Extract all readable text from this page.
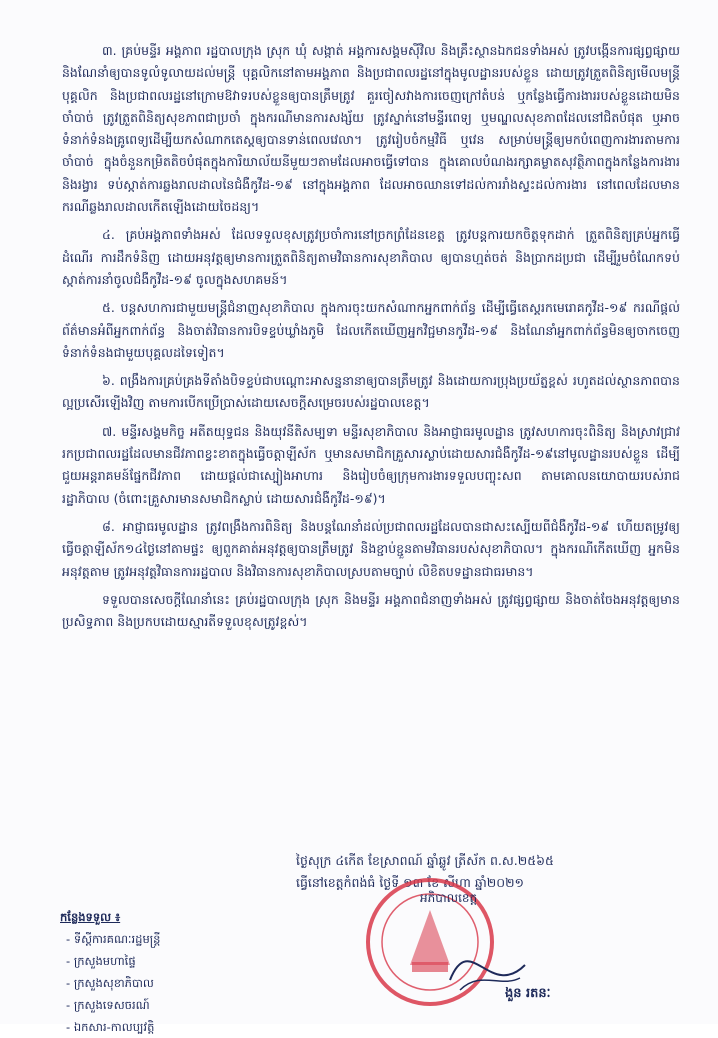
៣. គ្រប់មន្ទីរ អង្គភាព រដ្ឋបាលក្រុង ស្រុក ឃុំ សង្កាត់ អង្គការសង្គមស៊ីវិល និងគ្រឹះស្ថានឯកជនទាំងអស់ ត្រូវបង្កើនការផ្សព្វផ្សាយ និងណែនាំឲ្យបានទូលំទូលាយដល់មន្ត្រី បុគ្គលិកនៅតាមអង្គភាព និងប្រជាពលរដ្ឋនៅក្នុងមូលដ្ឋានរបស់ខ្លួន ដោយត្រូវត្រួតពិនិត្យមើលមន្ត្រី បុគ្គលិក និងប្រជាពលរដ្ឋនៅក្រោមឱវាទរបស់ខ្លួនឲ្យបានត្រឹមត្រូវ គួរចៀសវាងការចេញក្រៅតំបន់ ឬកន្លែងធ្វើការងាររបស់ខ្លួនដោយមិនចាំបាច់ ត្រូវត្រួតពិនិត្យសុខភាពជាប្រចាំ ក្នុងករណីមានការសង្ស័យ ត្រូវស្នាក់នៅមន្ទីរពេទ្យ ឬមណ្ឌលសុខភាពដែលនៅជិតបំផុត ឬអាចទំនាក់ទំនងគ្រូពេទ្យដើម្បីយកសំណាកតេស្តឲ្យបានទាន់ពេលវេលា។ ត្រូវរៀបចំកម្មវិធី ឬវេន សម្រាប់មន្ត្រីឲ្យមកបំពេញការងារតាមការចាំបាច់ ក្នុងចំនួនកម្រិតតិចបំផុតក្នុងការិយាល័យនីមួយៗតាមដែលអាចធ្វើទៅបាន ក្នុងគោលបំណងរក្សាគម្លាតសុវត្ថិភាពក្នុងកន្លែងការងារ និងរង្វារ ទប់ស្កាត់ការឆ្លងរាលដាលនៃជំងឺកូវីដ-១៩ នៅក្នុងអង្គភាព ដែលអាចឈានទៅដល់ការរាំងស្ទះដល់ការងារ នៅពេលដែលមានករណីឆ្លងរាលដាលកើតឡើងដោយចៃដន្យ។

៤. គ្រប់អង្គភាពទាំងអស់ ដែលទទួលខុសត្រូវប្រចាំការនៅច្រកព្រំដែនខេត្ត ត្រូវបន្តការយកចិត្តទុកដាក់ ត្រួតពិនិត្យគ្រប់អ្នកធ្វើដំណើរ ការដឹកទំនិញ ដោយអនុវត្តឲ្យមានការត្រួតពិនិត្យតាមវិធានការសុខាភិបាល ឲ្យបានហ្មត់ចត់ និងប្រាកដប្រជា ដើម្បីរួមចំណែកទប់ស្កាត់ការនាំចូលជំងឺកូវីដ-១៩ ចូលក្នុងសហគមន៍។

៥. បន្តសហការជាមួយមន្ត្រីជំនាញសុខាភិបាល ក្នុងការចុះយកសំណាកអ្នកពាក់ព័ន្ធ ដើម្បីធ្វើតេស្តរកមេរោគកូវីដ-១៩ ករណីផ្តល់ព័ត៌មានអំពីអ្នកពាក់ព័ន្ធ និងចាត់វិធានការបិទខ្ទប់ឃ្លាំងភូមិ ដែលកើតឃើញអ្នកវិជ្ជមានកូវីដ-១៩ និងណែនាំអ្នកពាក់ព័ន្ធមិនឲ្យចាកចេញ ទំនាក់ទំនងជាមួយបុគ្គលដទៃទៀត។

៦. ពង្រឹងការគ្រប់គ្រងទីតាំងបិទខ្ទប់ជាបណ្តោះអាសន្ននានាឲ្យបានត្រឹមត្រូវ និងដោយការប្រុងប្រយ័ត្នខ្ពស់ រហូតដល់ស្ថានភាពបានល្អប្រសើរឡើងវិញ តាមការបើកប្រើប្រាស់ដោយសេចក្តីសម្រេចរបស់រដ្ឋបាលខេត្ត។

៧. មន្ទីរសង្គមកិច្ច អតីតយុទ្ធជន និងយុវនីតិសម្បទា មន្ទីរសុខាភិបាល និងអាជ្ញាធរមូលដ្ឋាន ត្រូវសហការចុះពិនិត្យ និងស្រាវជ្រាវ រកប្រជាពលរដ្ឋដែលមានជីវភាពខ្វះខាតក្នុងធ្វើចត្តាឡីស័ក ឬមានសមាជិកគ្រួសារស្លាប់ដោយសារជំងឺកូវីដ-១៩នៅមូលដ្ឋានរបស់ខ្លួន ដើម្បីជួយអន្តរាគមន៍ផ្នែកជីវភាព ដោយផ្តល់ជាស្បៀងអាហារ និងរៀបចំឲ្យក្រុមការងារទទួលបញ្ចុះសព តាមគោលនយោបាយរបស់រាជរដ្ឋាភិបាល (ចំពោះគ្រួសារមានសមាជិកស្លាប់ ដោយសារជំងឺកូវីដ-១៩)។

៨. អាជ្ញាធរមូលដ្ឋាន ត្រូវពង្រឹងការពិនិត្យ និងបន្តណែនាំដល់ប្រជាពលរដ្ឋដែលបានជាសះស្បើយពីជំងឺកូវីដ-១៩ ហើយតម្រូវឲ្យធ្វើចត្តាឡីស័ក១៤ថ្ងៃនៅតាមផ្ទះ ឲ្យពួកគាត់អនុវត្តឲ្យបានត្រឹមត្រូវ និងខ្ជាប់ខ្ជួនតាមវិធានរបស់សុខាភិបាល។ ក្នុងករណីកើតឃើញ អ្នកមិនអនុវត្តតាម ត្រូវអនុវត្តវិធានការរដ្ឋបាល និងវិធានការសុខាភិបាលស្របតាមច្បាប់ លិខិតបទដ្ឋានជាធរមាន។

ទទួលបានសេចក្តីណែនាំនេះ គ្រប់រដ្ឋបាលក្រុង ស្រុក និងមន្ទីរ អង្គភាពជំនាញទាំងអស់ ត្រូវផ្សព្វផ្សាយ និងចាត់ចែងអនុវត្តឲ្យមានប្រសិទ្ធភាព និងប្រកបដោយស្មារតីទទួលខុសត្រូវខ្ពស់។

ថ្ងៃសុក្រ ៤កើត ខែស្រាពណ៍ ឆ្នាំឆ្លូវ ត្រីស័ក ព.ស.២៥៦៥
ធ្វើនៅខេត្តកំពង់ធំ ថ្ងៃទី ១៣ ខែ សីហា ឆ្នាំ២០២១
អភិបាលខេត្ត
ងួន រតនៈ
កន្លែងទទួល ៖
- ទីស្តីការគណៈរដ្ឋមន្ត្រី
- ក្រសួងមហាផ្ទៃ
- ក្រសួងសុខាភិបាល
- ក្រសួងទេសចរណ៍
- ឯកសារ-កាលប្បវត្តិ
